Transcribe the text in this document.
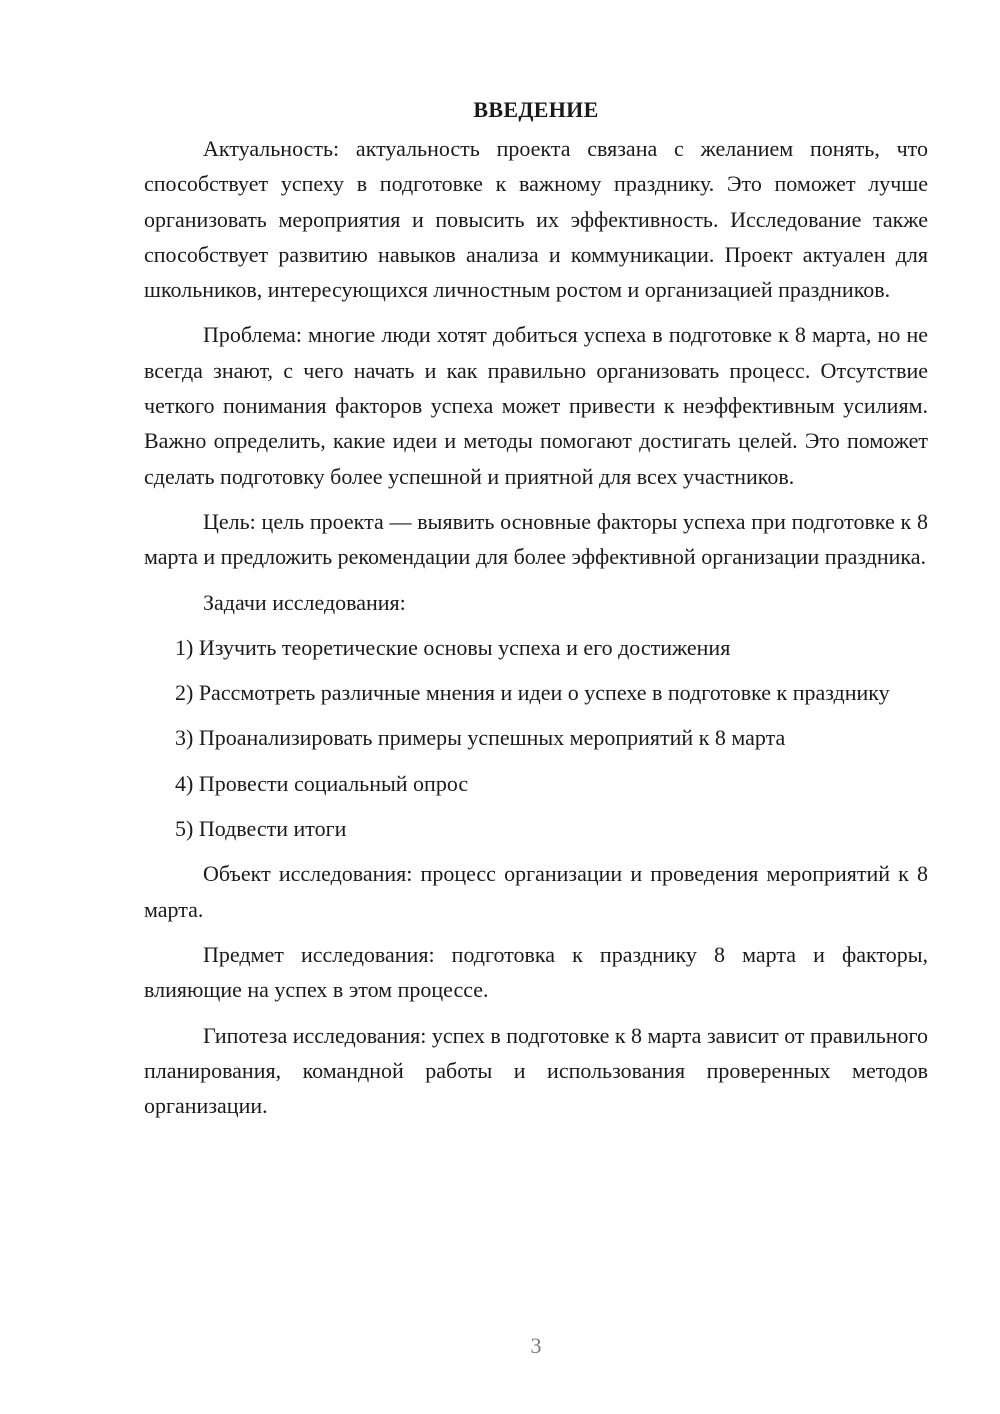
ВВЕДЕНИЕ

Актуальность: актуальность проекта связана с желанием понять, что способствует успеху в подготовке к важному празднику. Это поможет лучше организовать мероприятия и повысить их эффективность. Исследование также способствует развитию навыков анализа и коммуникации. Проект актуален для школьников, интересующихся личностным ростом и организацией праздников.

Проблема: многие люди хотят добиться успеха в подготовке к 8 марта, но не всегда знают, с чего начать и как правильно организовать процесс. Отсутствие четкого понимания факторов успеха может привести к неэффективным усилиям. Важно определить, какие идеи и методы помогают достигать целей. Это поможет сделать подготовку более успешной и приятной для всех участников.

Цель: цель проекта — выявить основные факторы успеха при подготовке к 8 марта и предложить рекомендации для более эффективной организации праздника.

Задачи исследования:

1) Изучить теоретические основы успеха и его достижения

2) Рассмотреть различные мнения и идеи о успехе в подготовке к празднику

3) Проанализировать примеры успешных мероприятий к 8 марта

4) Провести социальный опрос

5) Подвести итоги

Объект исследования: процесс организации и проведения мероприятий к 8 марта.

Предмет исследования: подготовка к празднику 8 марта и факторы, влияющие на успех в этом процессе.

Гипотеза исследования: успех в подготовке к 8 марта зависит от правильного планирования, командной работы и использования проверенных методов организации.

3
